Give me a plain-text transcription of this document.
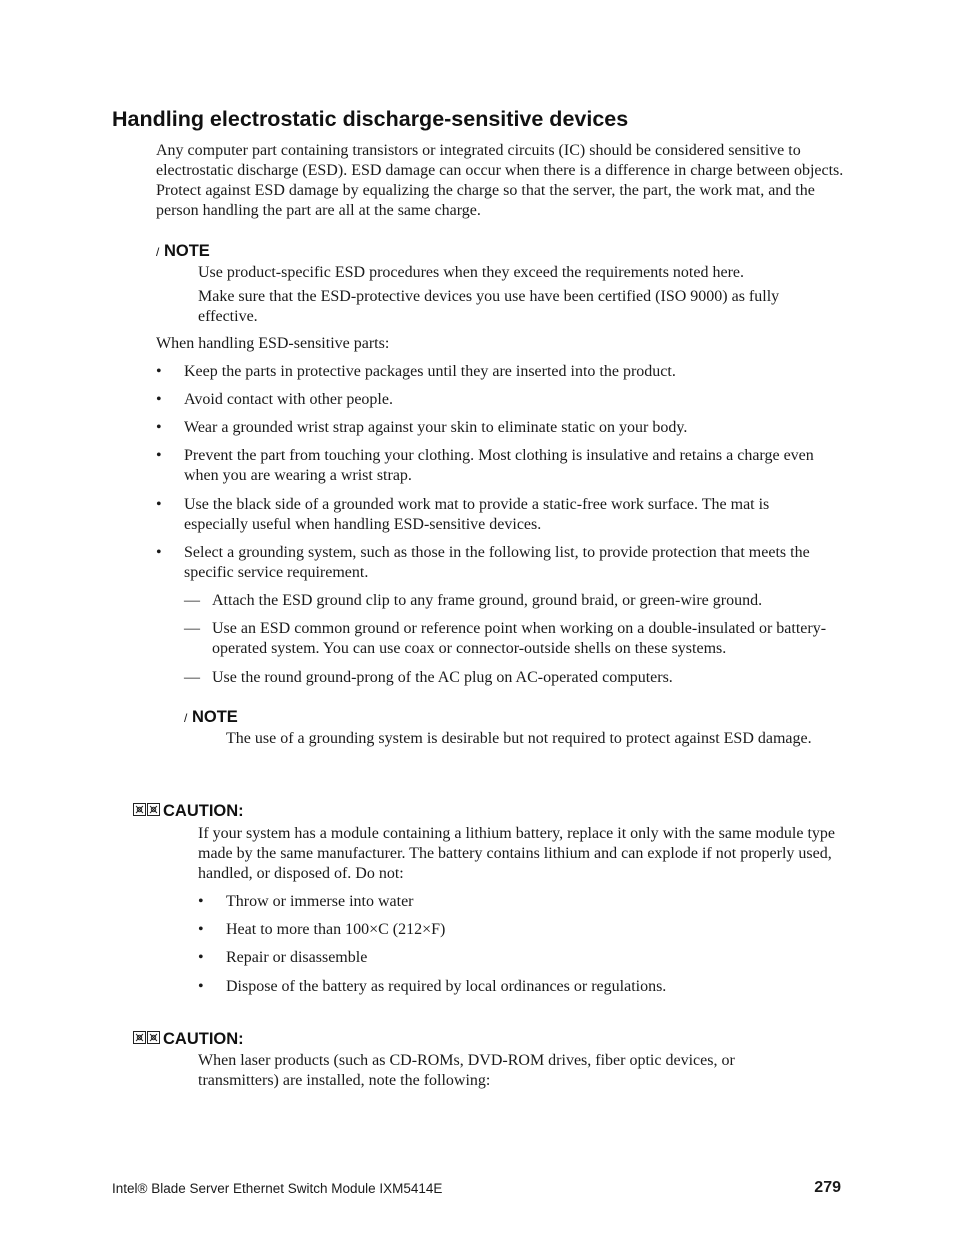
Handling electrostatic discharge-sensitive devices
Any computer part containing transistors or integrated circuits (IC) should be considered sensitive to electrostatic discharge (ESD). ESD damage can occur when there is a difference in charge between objects. Protect against ESD damage by equalizing the charge so that the server, the part, the work mat, and the person handling the part are all at the same charge.
/ NOTE
Use product-specific ESD procedures when they exceed the requirements noted here.
Make sure that the ESD-protective devices you use have been certified (ISO 9000) as fully effective.
When handling ESD-sensitive parts:
•	Keep the parts in protective packages until they are inserted into the product.
•	Avoid contact with other people.
•	Wear a grounded wrist strap against your skin to eliminate static on your body.
•	Prevent the part from touching your clothing. Most clothing is insulative and retains a charge even when you are wearing a wrist strap.
•	Use the black side of a grounded work mat to provide a static-free work surface. The mat is especially useful when handling ESD-sensitive devices.
•	Select a grounding system, such as those in the following list, to provide protection that meets the specific service requirement.
— Attach the ESD ground clip to any frame ground, ground braid, or green-wire ground.
— Use an ESD common ground or reference point when working on a double-insulated or battery-operated system. You can use coax or connector-outside shells on these systems.
— Use the round ground-prong of the AC plug on AC-operated computers.
/ NOTE
The use of a grounding system is desirable but not required to protect against ESD damage.
CAUTION:
If your system has a module containing a lithium battery, replace it only with the same module type made by the same manufacturer. The battery contains lithium and can explode if not properly used, handled, or disposed of. Do not:
•	Throw or immerse into water
•	Heat to more than 100×C (212×F)
•	Repair or disassemble
•	Dispose of the battery as required by local ordinances or regulations.
CAUTION:
When laser products (such as CD-ROMs, DVD-ROM drives, fiber optic devices, or transmitters) are installed, note the following:
Intel® Blade Server Ethernet Switch Module IXM5414E	279
